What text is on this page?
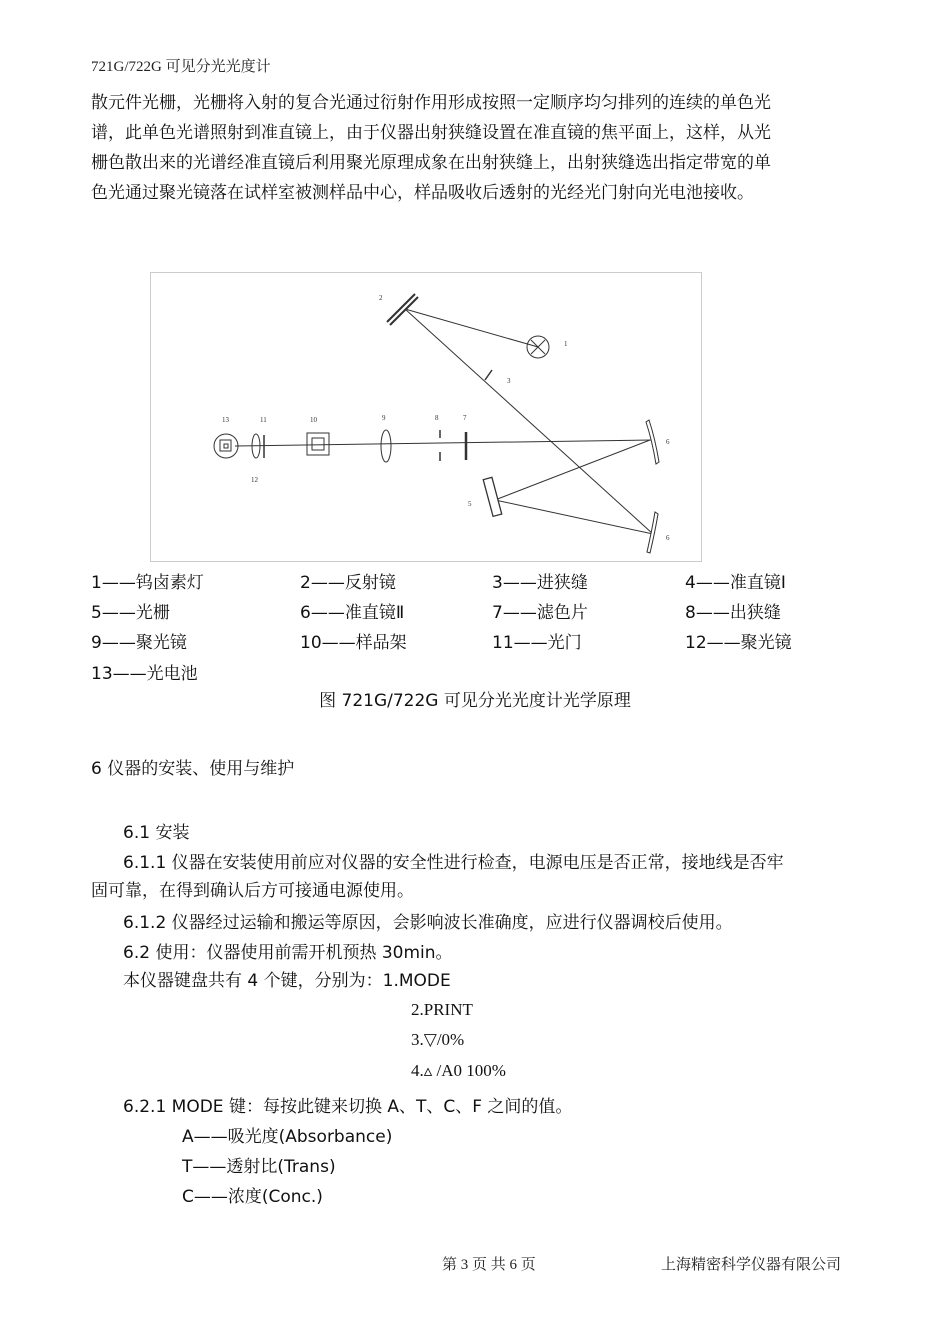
721G/722G 可见分光光度计

散元件光栅，光栅将入射的复合光通过衍射作用形成按照一定顺序均匀排列的连续的单色光

谱，此单色光谱照射到准直镜上，由于仪器出射狭缝设置在准直镜的焦平面上，这样，从光

栅色散出来的光谱经准直镜后利用聚光原理成象在出射狭缝上，出射狭缝选出指定带宽的单

色光通过聚光镜落在试样室被测样品中心，样品吸收后透射的光经光门射向光电池接收。

2
1
3
6
5
6
8	7
9
10
11
12
13
1——钨卤素灯	2——反射镜	3——进狭缝	4——准直镜Ⅰ
5——光栅	6——准直镜Ⅱ	7——滤色片	8——出狭缝
9——聚光镜	10——样品架	11——光门	12——聚光镜
13——光电池
图 721G/722G 可见分光光度计光学原理
6 仪器的安装、使用与维护
6.1 安装
6.1.1 仪器在安装使用前应对仪器的安全性进行检查，电源电压是否正常，接地线是否牢
固可靠，在得到确认后方可接通电源使用。
6.1.2 仪器经过运输和搬运等原因，会影响波长准确度，应进行仪器调校后使用。
6.2 使用：仪器使用前需开机预热 30min。
本仪器键盘共有 4 个键，分别为：1.MODE
2.PRINT
3.▽/0%
4.▵ /A0 100%
6.2.1 MODE 键：每按此键来切换 A、T、C、F 之间的值。
A——吸光度(Absorbance)
T——透射比(Trans)
C——浓度(Conc.)
第 3 页 共 6 页	上海精密科学仪器有限公司
